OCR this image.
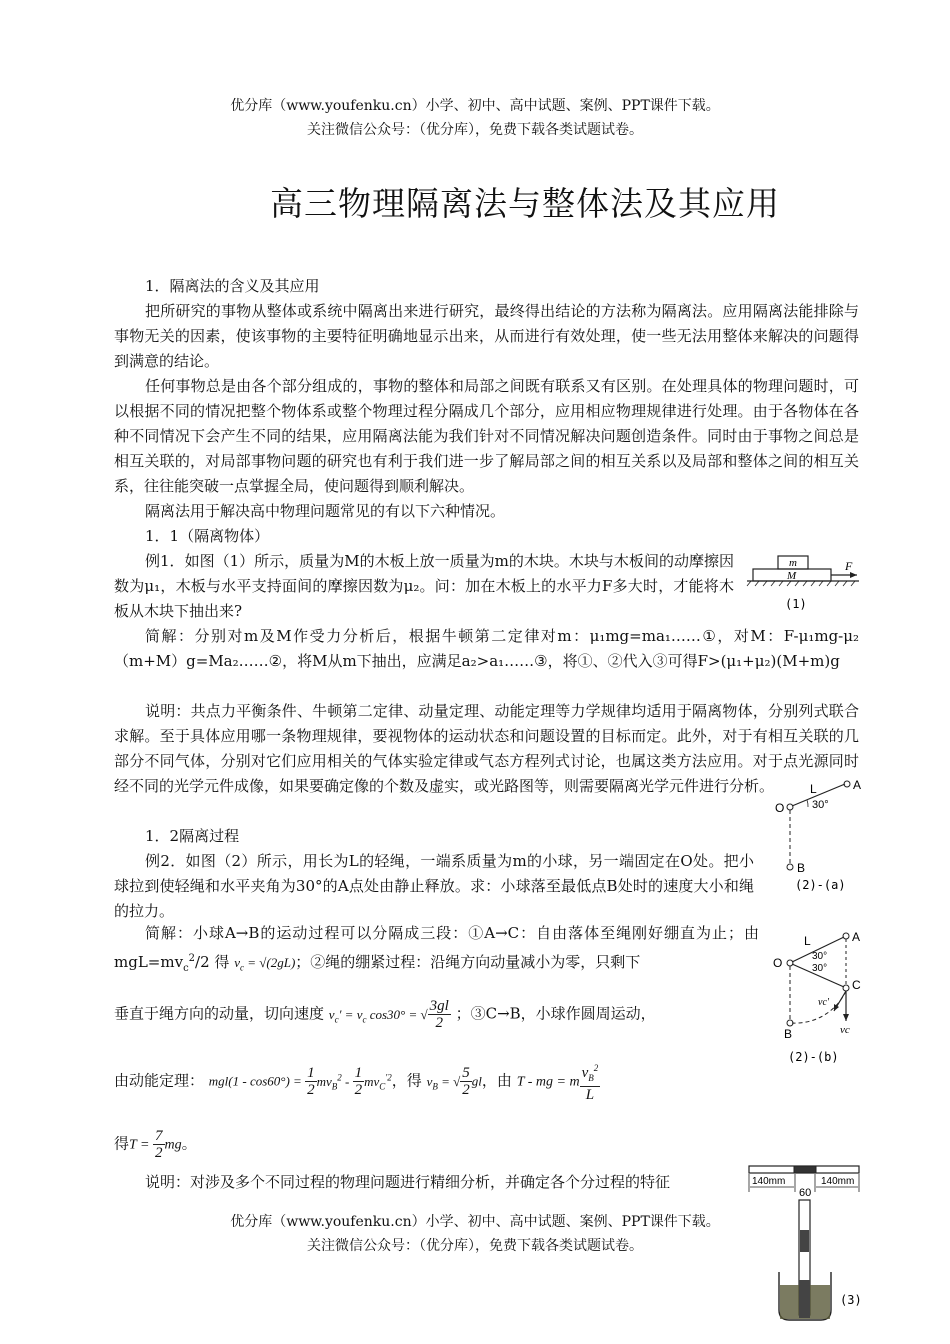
优分库（www.youfenku.cn）小学、初中、高中试题、案例、PPT课件下载。
关注微信公众号：（优分库），免费下载各类试题试卷。
高三物理隔离法与整体法及其应用

1．隔离法的含义及其应用

把所研究的事物从整体或系统中隔离出来进行研究，最终得出结论的方法称为隔离法。应用隔离法能排除与事物无关的因素，使该事物的主要特征明确地显示出来，从而进行有效处理，使一些无法用整体来解决的问题得到满意的结论。

任何事物总是由各个部分组成的，事物的整体和局部之间既有联系又有区别。在处理具体的物理问题时，可以根据不同的情况把整个物体系或整个物理过程分隔成几个部分，应用相应物理规律进行处理。由于各物体在各种不同情况下会产生不同的结果，应用隔离法能为我们针对不同情况解决问题创造条件。同时由于事物之间总是相互关联的，对局部事物问题的研究也有利于我们进一步了解局部之间的相互关系以及局部和整体之间的相互关系，往往能突破一点掌握全局，使问题得到顺利解决。

隔离法用于解决高中物理问题常见的有以下六种情况。

1．1（隔离物体）

例1．如图（1）所示，质量为M的木板上放一质量为m的木块。木块与木板间的动摩擦因数为μ₁，木板与水平支持面间的摩擦因数为μ₂。问：加在木板上的水平力F多大时，才能将木板从木块下抽出来?

简解：分别对m及M作受力分析后，根据牛顿第二定律对m：μ₁mg=ma₁……①，对M：F-μ₁mg-μ₂（m+M）g=Ma₂……②，将M从m下抽出，应满足a₂>a₁……③，将①、②代入③可得F>(μ₁+μ₂)(M+m)g

说明：共点力平衡条件、牛顿第二定律、动量定理、动能定理等力学规律均适用于隔离物体，分别列式联合求解。至于具体应用哪一条物理规律，要视物体的运动状态和问题设置的目标而定。此外，对于有相互关联的几部分不同气体，分别对它们应用相关的气体实验定律或气态方程列式讨论，也属这类方法应用。对于点光源同时经不同的光学元件成像，如果要确定像的个数及虚实，或光路图等，则需要隔离光学元件进行分析。

1．2隔离过程

例2．如图（2）所示，用长为L的轻绳，一端系质量为m的小球，另一端固定在O处。把小球拉到使轻绳和水平夹角为30°的A点处由静止释放。求：小球落至最低点B处时的速度大小和绳的拉力。

简解：小球A→B的运动过程可以分隔成三段：①A→C：自由落体至绳刚好绷直为止；由$mgL=mv_c^2/2$ 得 $v_c = √(2gL)$；②绳的绷紧过程：沿绳方向动量减小为零，只剩下

垂直于绳方向的动量，切向速度 $v_c' = v_c$ cos30° = √ $\frac{3gl}{2}$ ；③C→B，小球作圆周运动，
由动能定理： $mgl(1 - \cos 60^\circ) = \frac{1}{2} mv_B^2 - \frac{1}{2} mv_C^{'2}$，得 $v_B$ = √ $\frac{5}{2}$ gl，由 T - mg = m $\frac{v_B^2}{L}$
得$T = \frac{7}{2}$ mg。

说明：对涉及多个不同过程的物理问题进行精细分析，并确定各个分过程的特征

优分库（www.youfenku.cn）小学、初中、高中试题、案例、PPT课件下载。
关注微信公众号：（优分库），免费下载各类试题试卷。
m
M
F
(1)
L	A
O	30°
B
(2)-(a)
L	A
O	30°
30°
C
B
vc'
vc
(2)-(b)
140mm
60
140mm
(3)
